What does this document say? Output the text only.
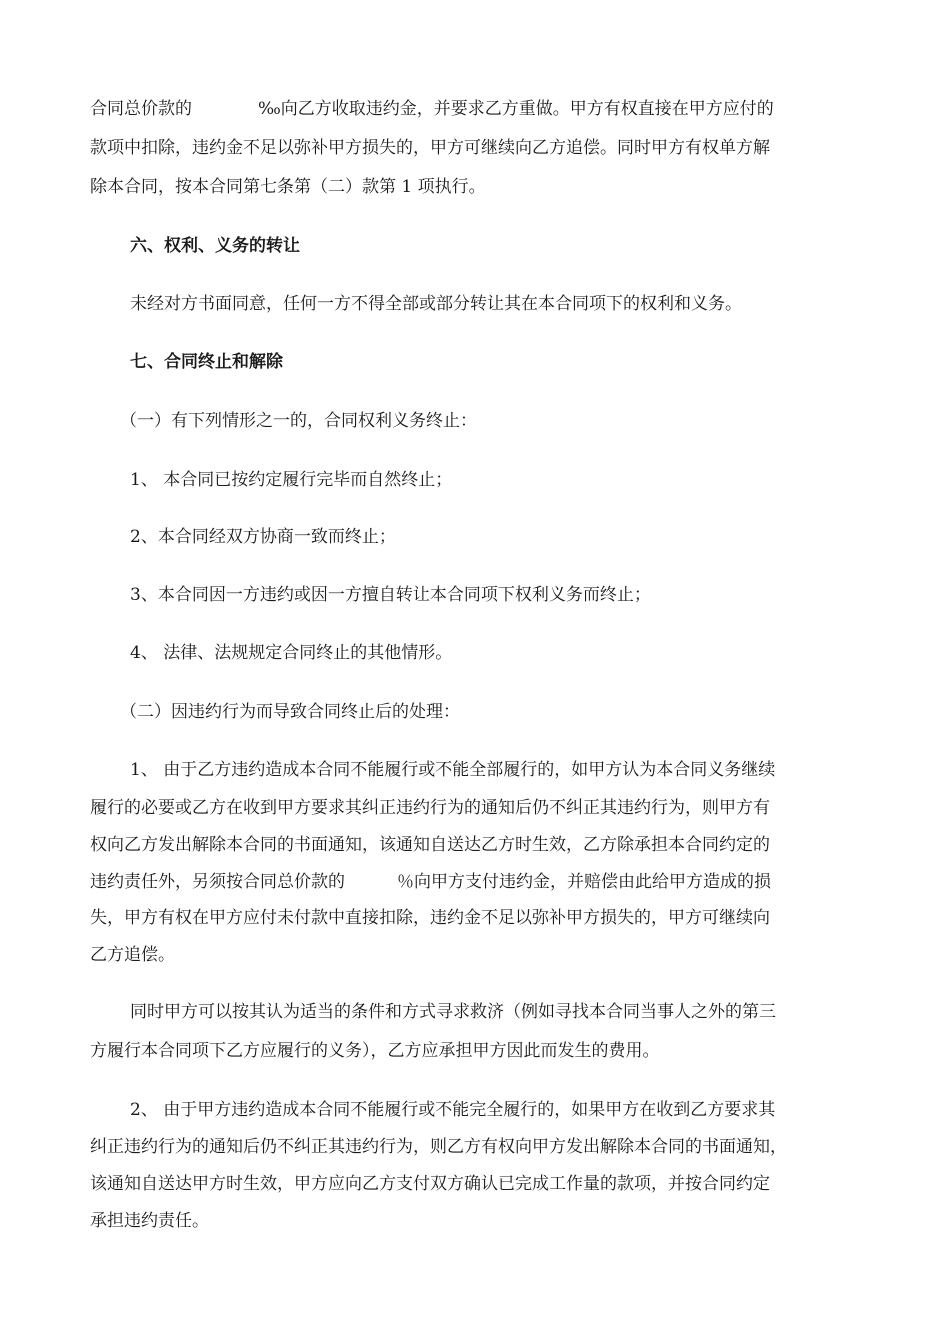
合同总价款的	‰向乙方收取违约金，并要求乙方重做。甲方有权直接在甲方应付的
款项中扣除，违约金不足以弥补甲方损失的，甲方可继续向乙方追偿。同时甲方有权单方解
除本合同，按本合同第七条第（二）款第 1 项执行。
六、权利、义务的转让
未经对方书面同意，任何一方不得全部或部分转让其在本合同项下的权利和义务。
七、合同终止和解除
（一）有下列情形之一的，合同权利义务终止：
1、 本合同已按约定履行完毕而自然终止；
2、本合同经双方协商一致而终止；
3、本合同因一方违约或因一方擅自转让本合同项下权利义务而终止；
4、 法律、法规规定合同终止的其他情形。
（二）因违约行为而导致合同终止后的处理：
1、 由于乙方违约造成本合同不能履行或不能全部履行的，如甲方认为本合同义务继续
履行的必要或乙方在收到甲方要求其纠正违约行为的通知后仍不纠正其违约行为，则甲方有
权向乙方发出解除本合同的书面通知，该通知自送达乙方时生效，乙方除承担本合同约定的
违约责任外，另须按合同总价款的	％向甲方支付违约金，并赔偿由此给甲方造成的损
失，甲方有权在甲方应付未付款中直接扣除，违约金不足以弥补甲方损失的，甲方可继续向
乙方追偿。
同时甲方可以按其认为适当的条件和方式寻求救济（例如寻找本合同当事人之外的第三
方履行本合同项下乙方应履行的义务），乙方应承担甲方因此而发生的费用。
2、 由于甲方违约造成本合同不能履行或不能完全履行的，如果甲方在收到乙方要求其
纠正违约行为的通知后仍不纠正其违约行为，则乙方有权向甲方发出解除本合同的书面通知，
该通知自送达甲方时生效，甲方应向乙方支付双方确认已完成工作量的款项，并按合同约定
承担违约责任。
